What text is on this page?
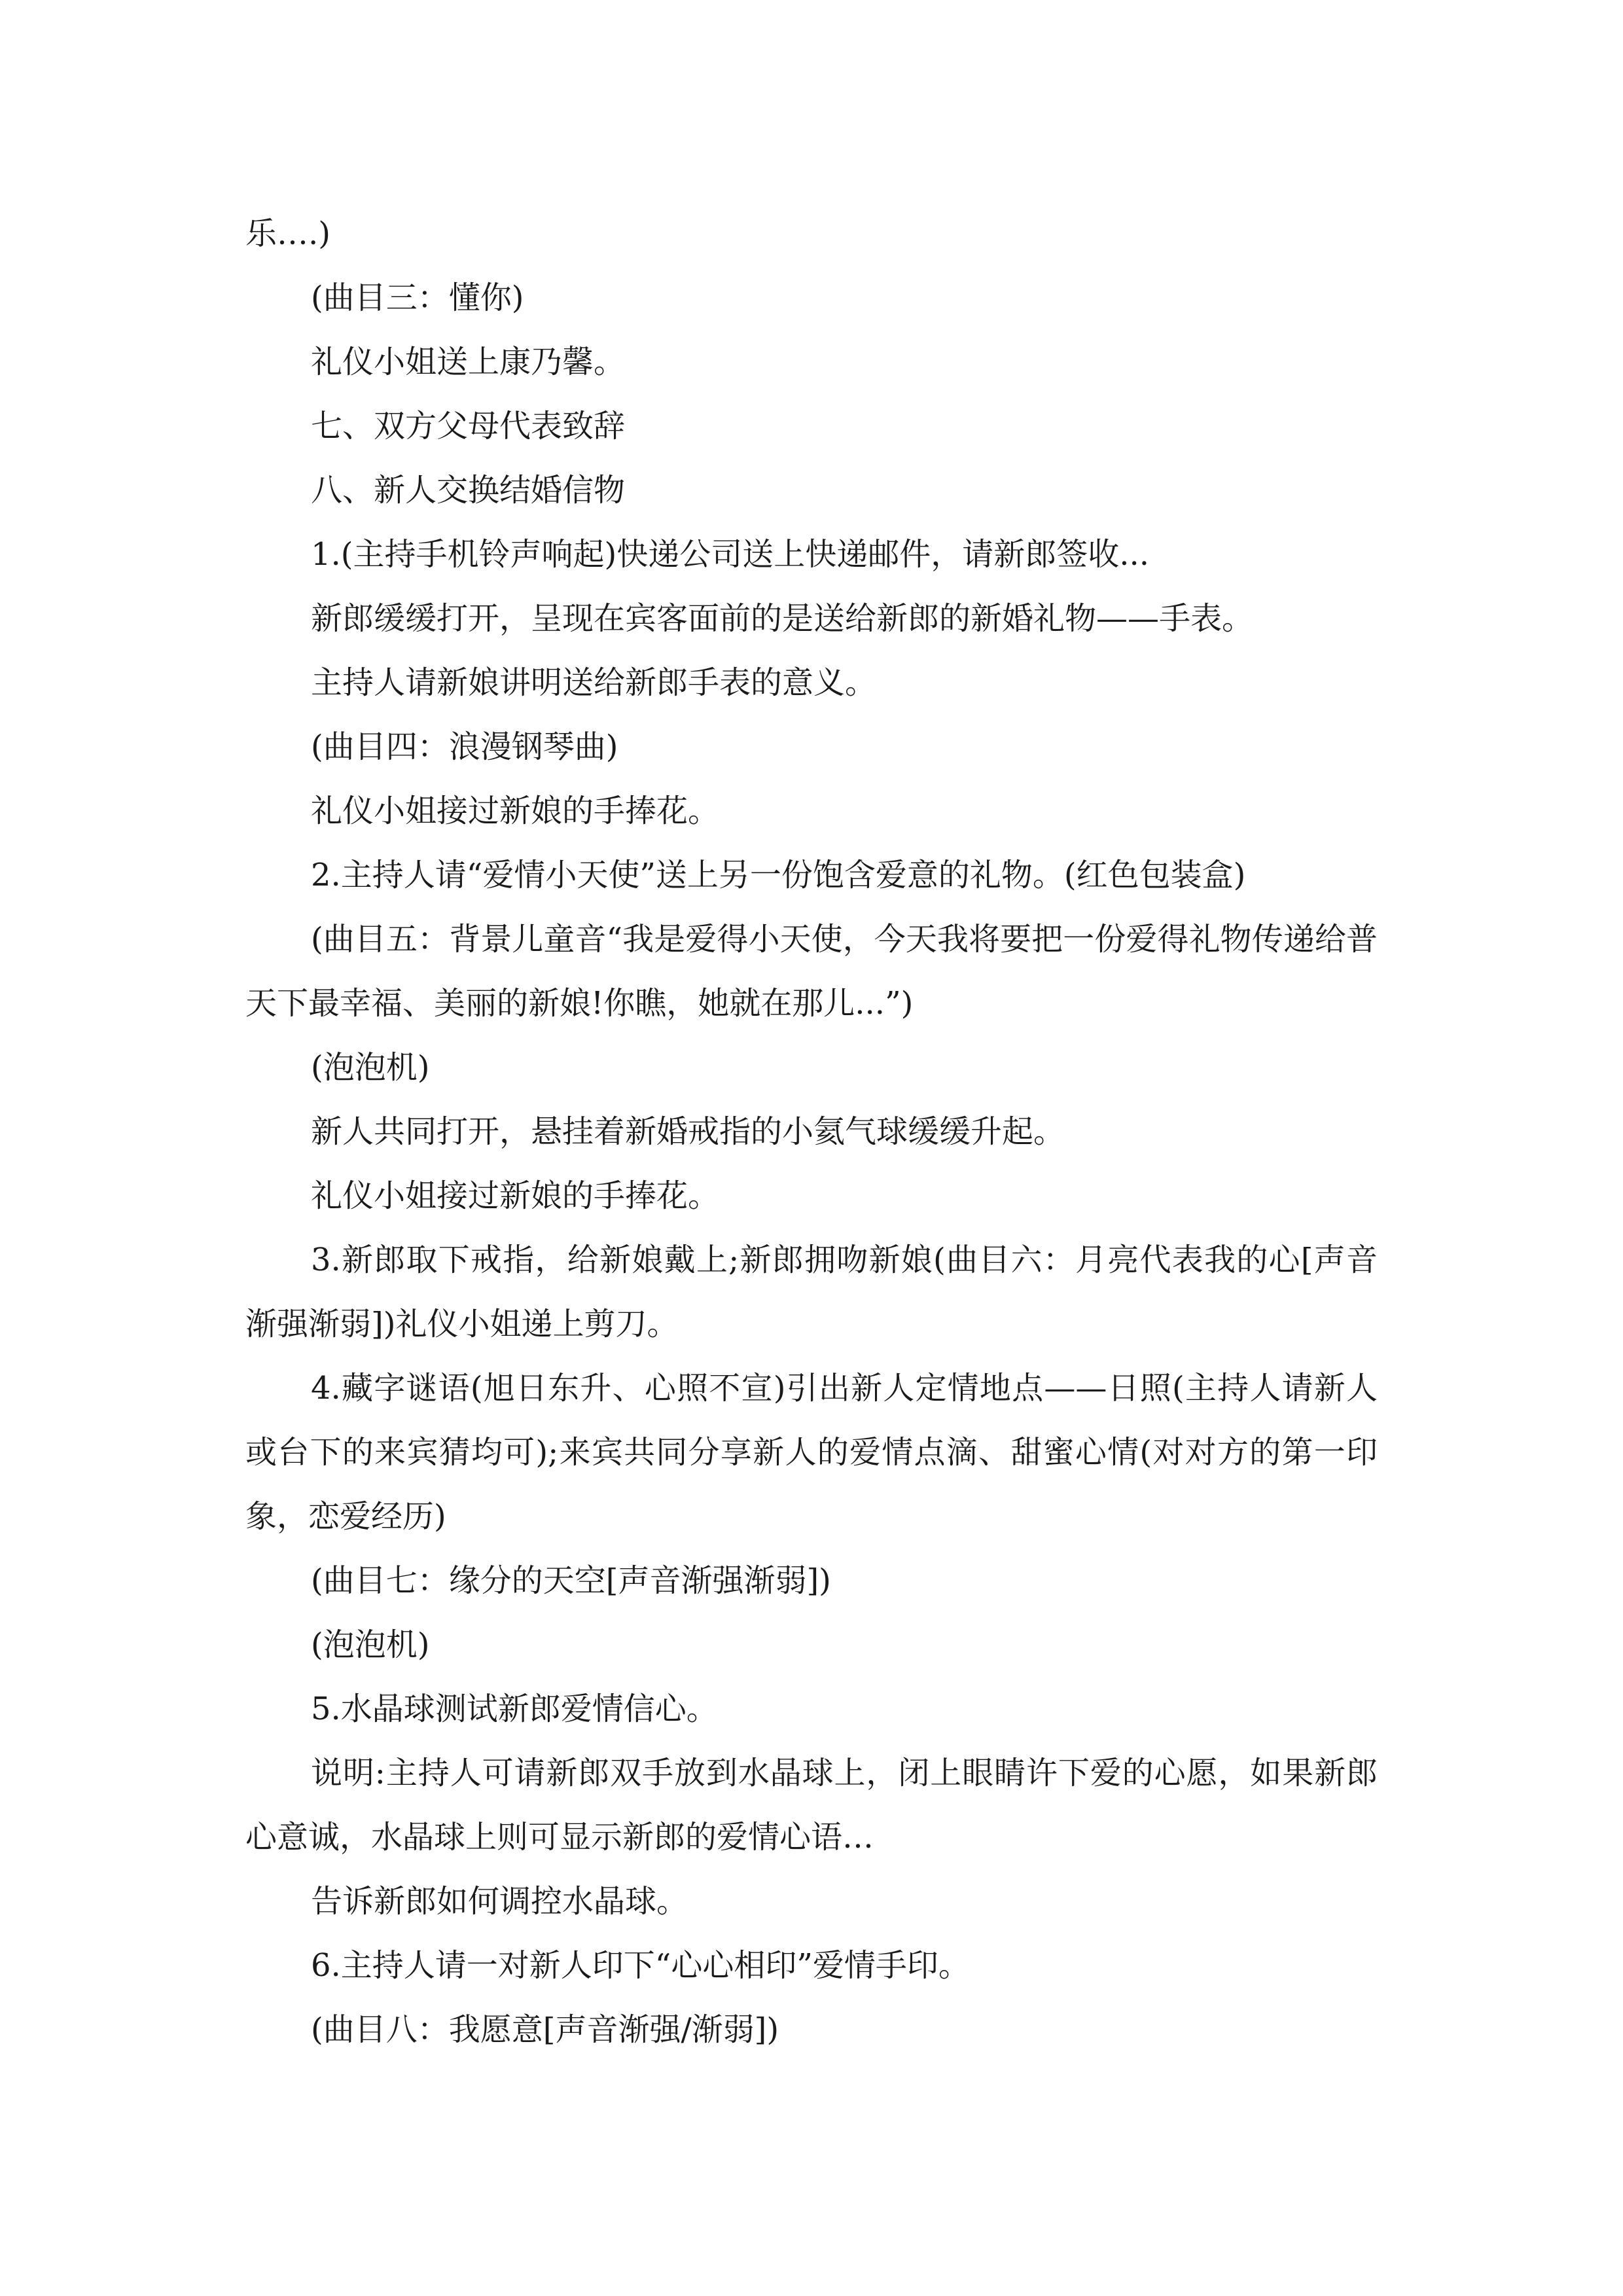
乐….)

(曲目三：懂你)

礼仪小姐送上康乃馨。

七、双方父母代表致辞

八、新人交换结婚信物

1.(主持手机铃声响起)快递公司送上快递邮件，请新郎签收...

新郎缓缓打开，呈现在宾客面前的是送给新郎的新婚礼物——手表。

主持人请新娘讲明送给新郎手表的意义。

(曲目四：浪漫钢琴曲)

礼仪小姐接过新娘的手捧花。

2.主持人请“爱情小天使”送上另一份饱含爱意的礼物。(红色包装盒)

(曲目五：背景儿童音“我是爱得小天使，今天我将要把一份爱得礼物传递给普天下最幸福、美丽的新娘!你瞧，她就在那儿...”)

(泡泡机)

新人共同打开，悬挂着新婚戒指的小氦气球缓缓升起。

礼仪小姐接过新娘的手捧花。

3.新郎取下戒指，给新娘戴上;新郎拥吻新娘(曲目六：月亮代表我的心[声音渐强渐弱])礼仪小姐递上剪刀。

4.藏字谜语(旭日东升、心照不宣)引出新人定情地点——日照(主持人请新人或台下的来宾猜均可);来宾共同分享新人的爱情点滴、甜蜜心情(对对方的第一印象，恋爱经历)

(曲目七：缘分的天空[声音渐强渐弱])

(泡泡机)

5.水晶球测试新郎爱情信心。

说明:主持人可请新郎双手放到水晶球上，闭上眼睛许下爱的心愿，如果新郎心意诚，水晶球上则可显示新郎的爱情心语…

告诉新郎如何调控水晶球。

6.主持人请一对新人印下“心心相印”爱情手印。

(曲目八：我愿意[声音渐强/渐弱])
